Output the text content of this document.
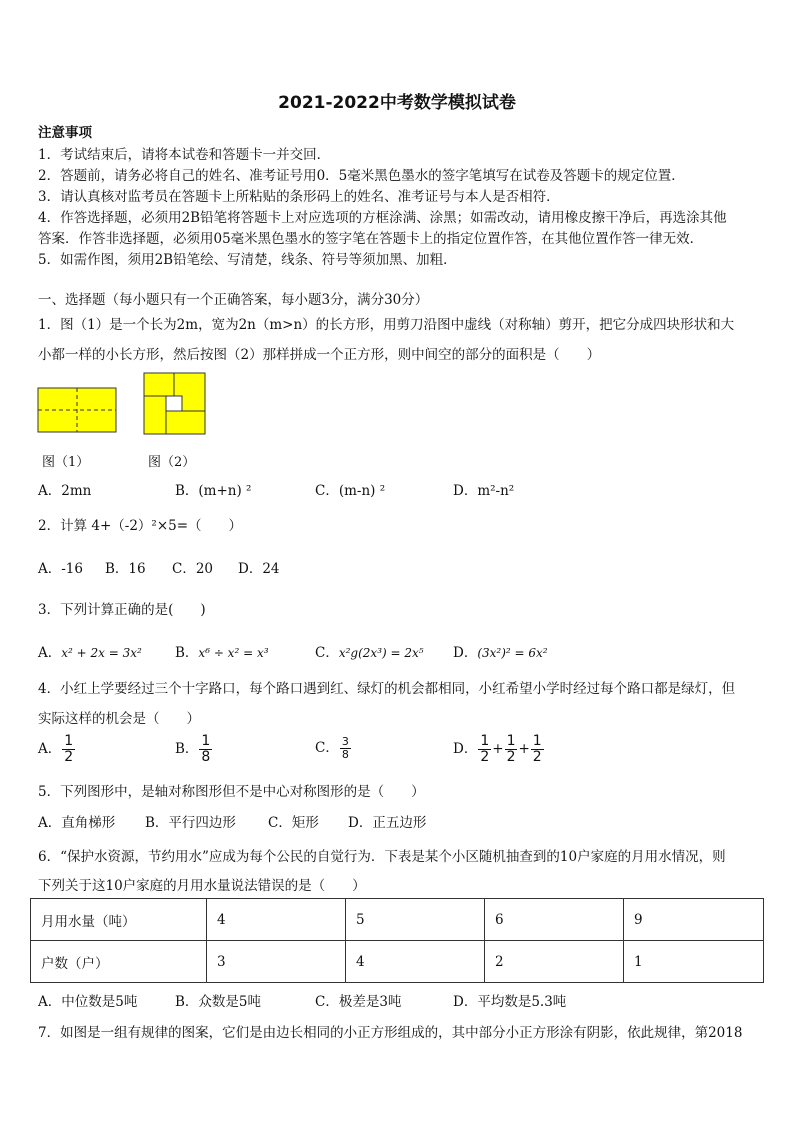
2021-2022中考数学模拟试卷
注意事项
1．考试结束后，请将本试卷和答题卡一并交回．
2．答题前，请务必将自己的姓名、准考证号用0．5毫米黑色墨水的签字笔填写在试卷及答题卡的规定位置．
3．请认真核对监考员在答题卡上所粘贴的条形码上的姓名、准考证号与本人是否相符．
4．作答选择题，必须用2B铅笔将答题卡上对应选项的方框涂满、涂黑；如需改动，请用橡皮擦干净后，再选涂其他
答案．作答非选择题，必须用05毫米黑色墨水的签字笔在答题卡上的指定位置作答，在其他位置作答一律无效．
5．如需作图，须用2B铅笔绘、写清楚，线条、符号等须加黑、加粗．
一、选择题（每小题只有一个正确答案，每小题3分，满分30分）
1．图（1）是一个长为2m，宽为2n（m>n）的长方形，用剪刀沿图中虚线（对称轴）剪开，把它分成四块形状和大
小都一样的小长方形，然后按图（2）那样拼成一个正方形，则中间空的部分的面积是（　　）
图（1）	图（2）
A．2mn	B．(m+n) ²	C．(m-n) ²	D．m²-n²
2．计算 4+（-2）²×5=（　　）
A．-16 B．16 C．20 D．24
3．下列计算正确的是(　　)
A．x² + 2x = 3x² B．x⁶ ÷ x² = x³	C．x²g(2x³) = 2x⁵ D．(3x²)² = 6x²
4．小红上学要经过三个十字路口，每个路口遇到红、绿灯的机会都相同，小红希望小学时经过每个路口都是绿灯，但
实际这样的机会是（　　）
A． $\frac{1}{2}$	B． $\frac{1}{8}$	C． $\frac{3}{8}$	D． $\frac{1}{2} + \frac{1}{2} + \frac{1}{2}$
5．下列图形中，是轴对称图形但不是中心对称图形的是（　　）
A．直角梯形 B．平行四边形 C．矩形 D．正五边形
6．“保护水资源，节约用水”应成为每个公民的自觉行为．下表是某个小区随机抽查到的10户家庭的月用水情况，则
下列关于这10户家庭的月用水量说法错误的是（　　）
月用水量（吨）	4	5	6	9
户数（户）	3	4	2	1
A．中位数是5吨	B．众数是5吨	C．极差是3吨	D．平均数是5.3吨
7．如图是一组有规律的图案，它们是由边长相同的小正方形组成的，其中部分小正方形涂有阴影，依此规律，第2018
